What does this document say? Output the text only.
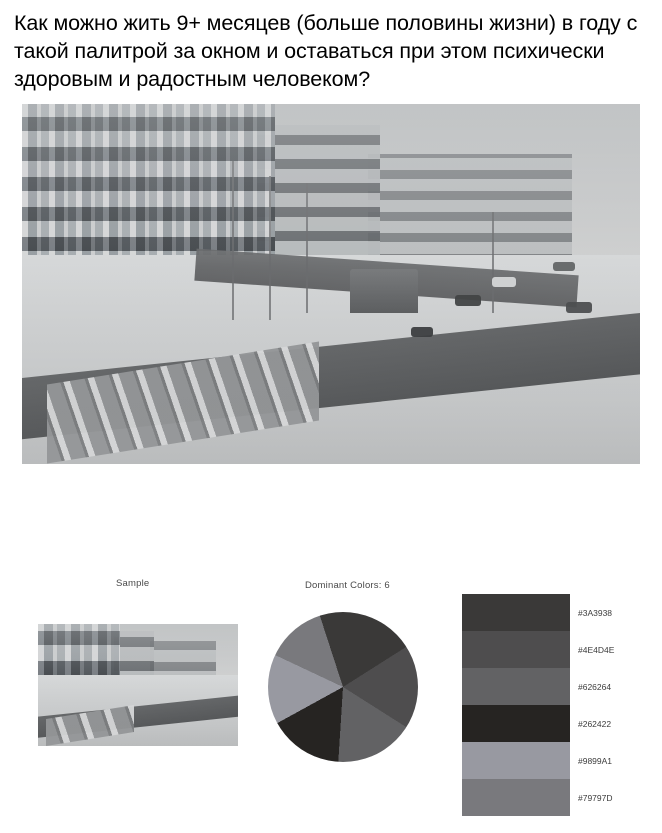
Как можно жить 9+ месяцев (больше половины жизни) в году с такой палитрой за окном и оставаться при этом психически здоровым и радостным человеком?
Sample	Dominant Colors: 6
#3A3938
#4E4D4E
#626264
#262422
#9899A1
#79797D
